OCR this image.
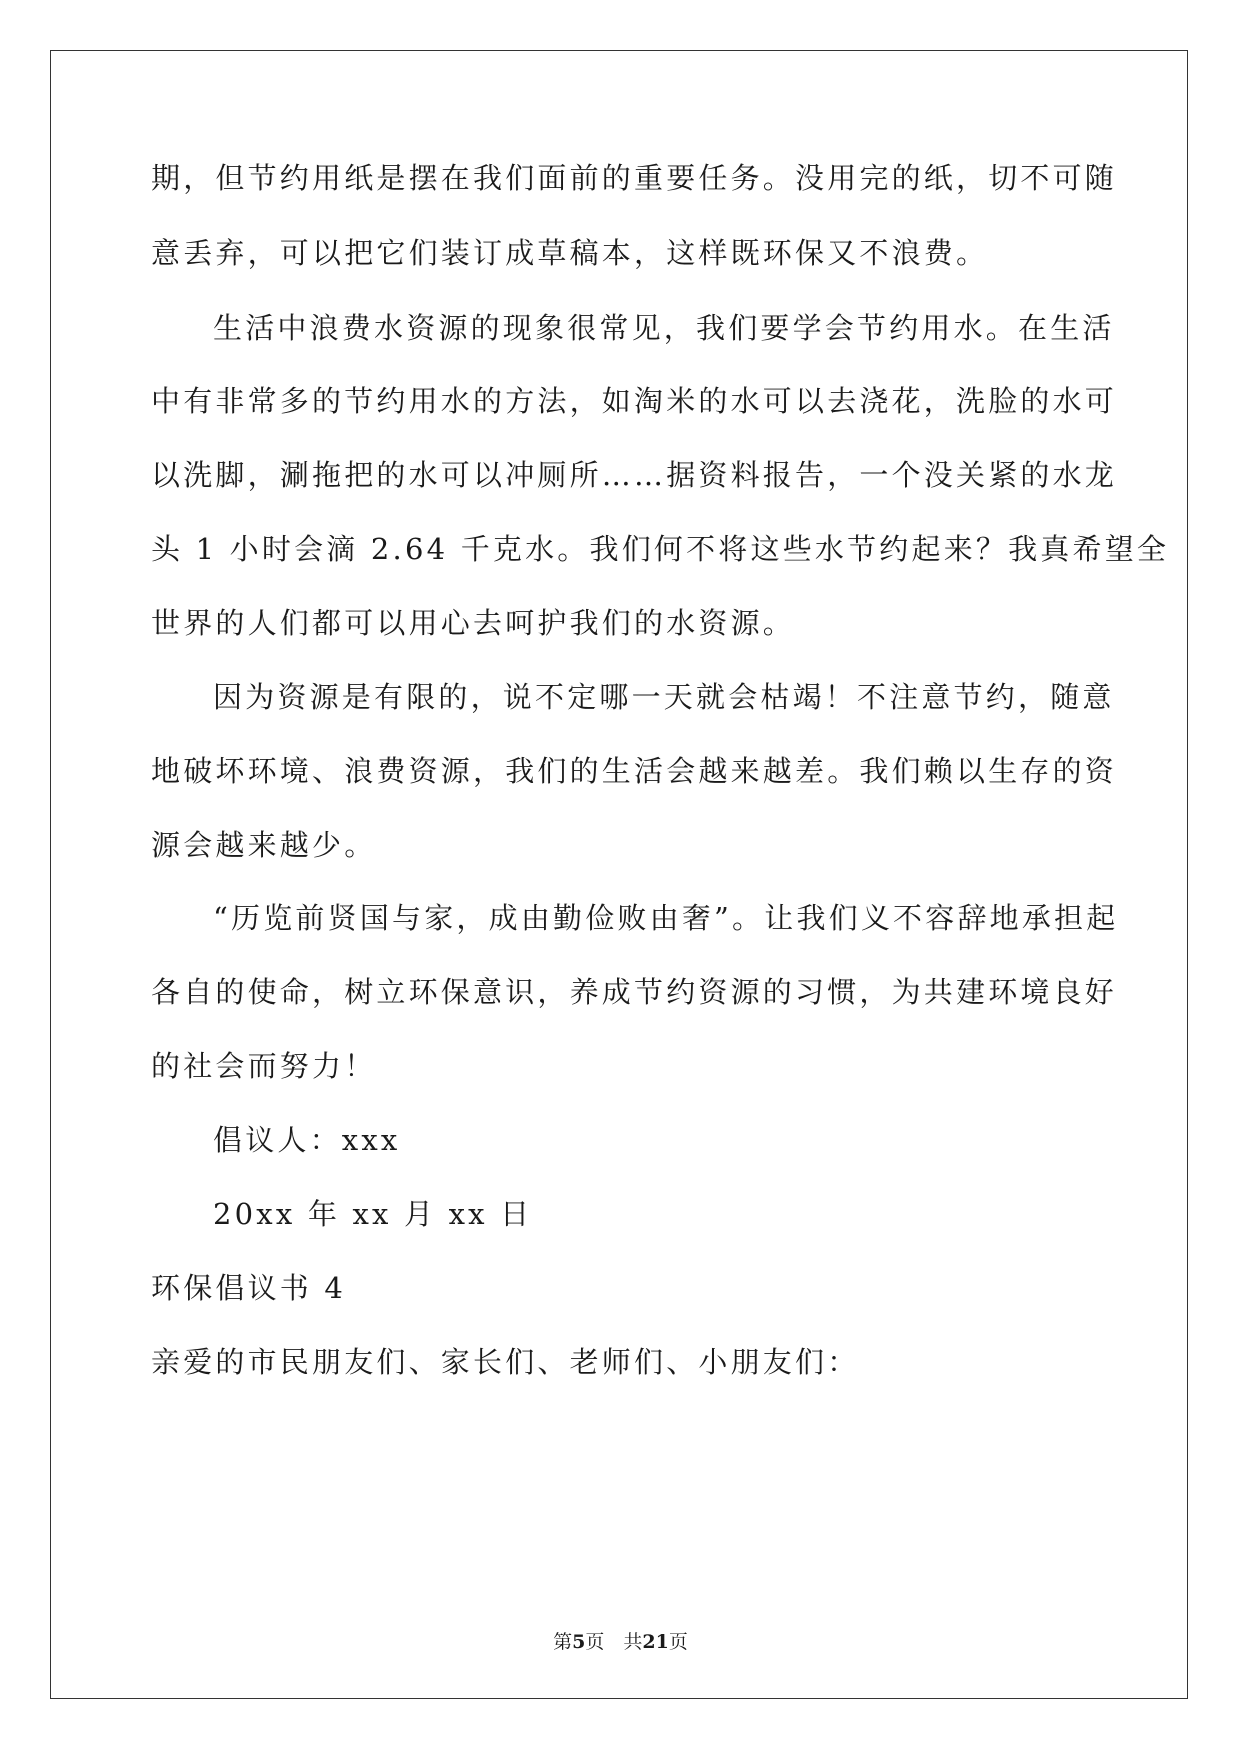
期，但节约用纸是摆在我们面前的重要任务。没用完的纸，切不可随
意丢弃，可以把它们装订成草稿本，这样既环保又不浪费。
生活中浪费水资源的现象很常见，我们要学会节约用水。在生活
中有非常多的节约用水的方法，如淘米的水可以去浇花，洗脸的水可
以洗脚，涮拖把的水可以冲厕所……据资料报告，一个没关紧的水龙
头 1 小时会滴 2.64 千克水。我们何不将这些水节约起来？我真希望全
世界的人们都可以用心去呵护我们的水资源。
因为资源是有限的，说不定哪一天就会枯竭！不注意节约，随意
地破坏环境、浪费资源，我们的生活会越来越差。我们赖以生存的资
源会越来越少。
“历览前贤国与家，成由勤俭败由奢”。让我们义不容辞地承担起
各自的使命，树立环保意识，养成节约资源的习惯，为共建环境良好
的社会而努力！
倡议人：xxx
20xx 年 xx 月 xx 日
环保倡议书 4
亲爱的市民朋友们、家长们、老师们、小朋友们：
第5页　共21页
